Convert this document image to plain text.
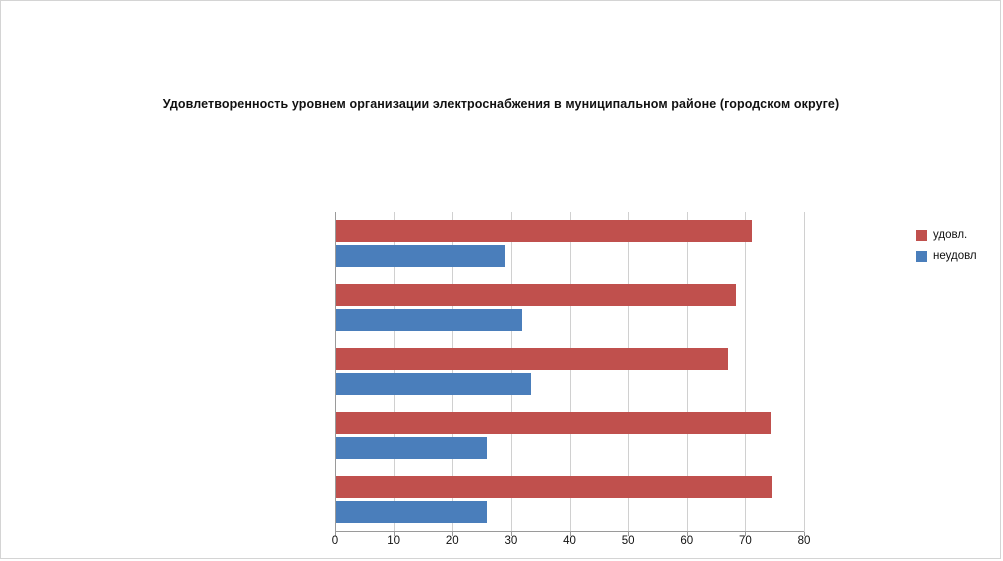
Удовлетворенность уровнем организации электроснабжения в муниципальном районе (городском округе)
0	10	20	30	40	50	60	70	80
удовл.
неудовл
